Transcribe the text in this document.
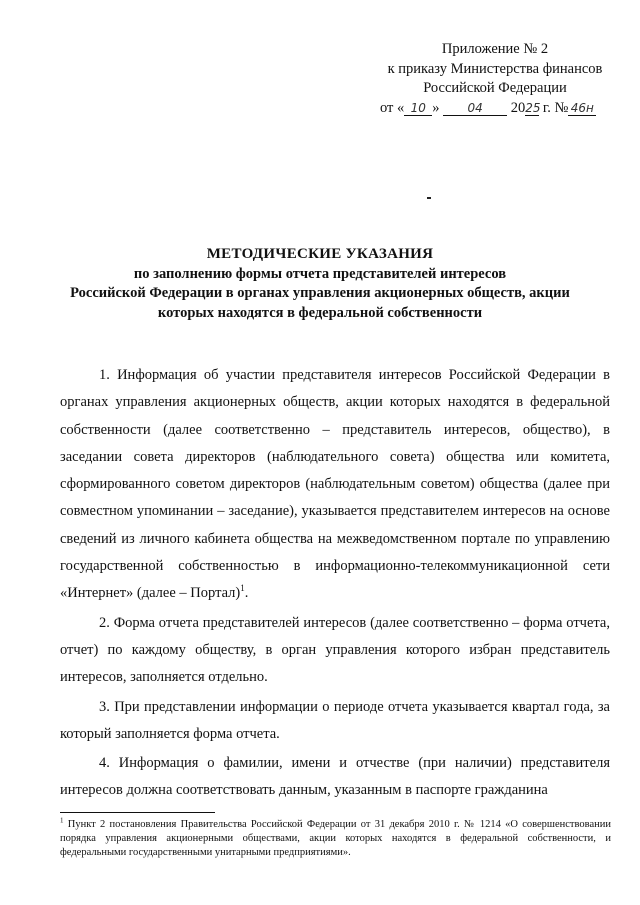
Приложение № 2
к приказу Министерства финансов
Российской Федерации
от « 10 » 04 2025 г. № 46н
МЕТОДИЧЕСКИЕ УКАЗАНИЯ
по заполнению формы отчета представителей интересов
Российской Федерации в органах управления акционерных обществ, акции
которых находятся в федеральной собственности

1. Информация об участии представителя интересов Российской Федерации в органах управления акционерных обществ, акции которых находятся в федеральной собственности (далее соответственно – представитель интересов, общество), в заседании совета директоров (наблюдательного совета) общества или комитета, сформированного советом директоров (наблюдательным советом) общества (далее при совместном упоминании – заседание), указывается представителем интересов на основе сведений из личного кабинета общества на межведомственном портале по управлению государственной собственностью в информационно-телекоммуникационной сети «Интернет» (далее – Портал)$^1$.

2. Форма отчета представителей интересов (далее соответственно – форма отчета, отчет) по каждому обществу, в орган управления которого избран представитель интересов, заполняется отдельно.

3. При представлении информации о периоде отчета указывается квартал года, за который заполняется форма отчета.

4. Информация о фамилии, имени и отчестве (при наличии) представителя интересов должна соответствовать данным, указанным в паспорте гражданина

$^1$ Пункт 2 постановления Правительства Российской Федерации от 31 декабря 2010 г. № 1214 «О совершенствовании порядка управления акционерными обществами, акции которых находятся в федеральной собственности, и федеральными государственными унитарными предприятиями».
